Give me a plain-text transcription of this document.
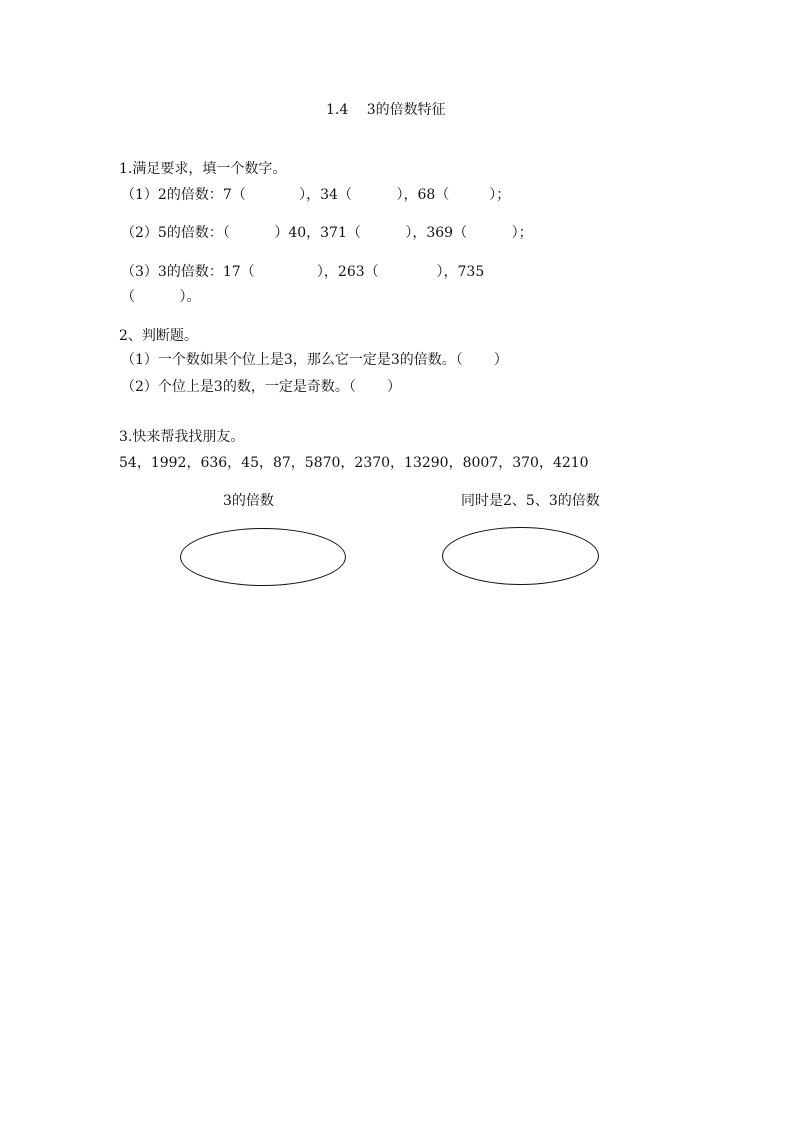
1.4　 3的倍数特征
1.满足要求，填一个数字。
（1）2的倍数：7（            ），34（          ），68（         ）；
（2）5的倍数：（          ）40，371（          ），369（          ）；
（3）3的倍数：17（              ），263（             ），735
（          ）。
2、判断题。
（1）一个数如果个位上是3，那么它一定是3的倍数。（       ）
（2）个位上是3的数，一定是奇数。（       ）
3.快来帮我找朋友。
54，1992，636，45，87，5870，2370，13290，8007，370，4210
3的倍数	同时是2、5、3的倍数
